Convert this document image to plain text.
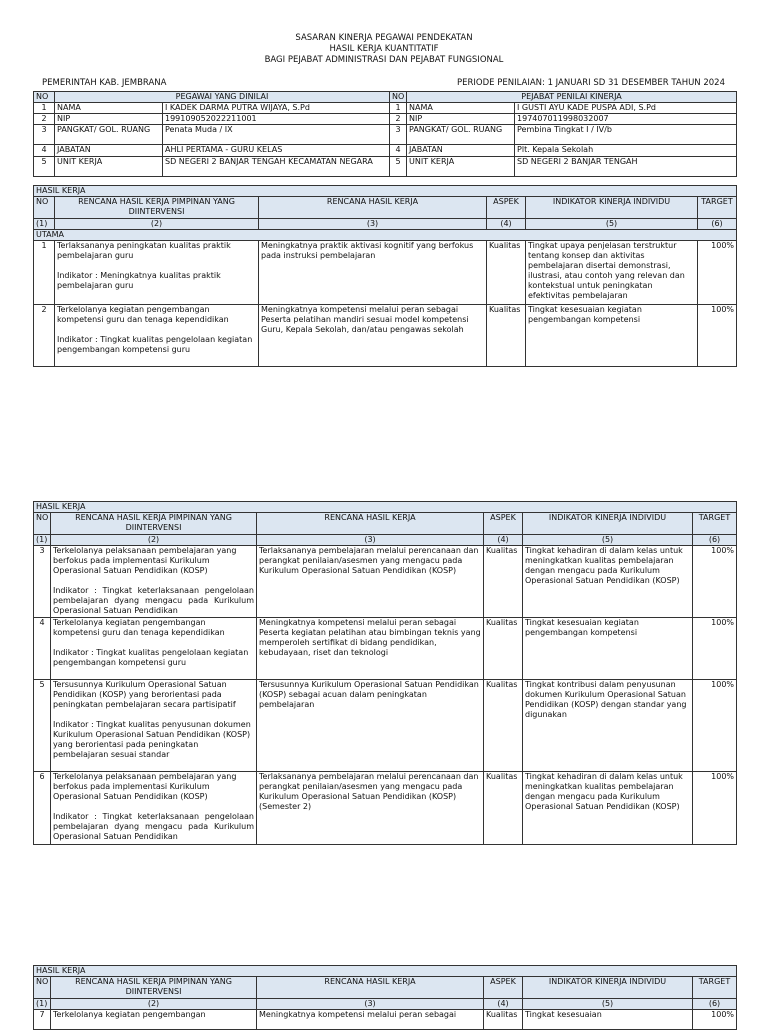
SASARAN KINERJA PEGAWAI PENDEKATAN
HASIL KERJA KUANTITATIF
BAGI PEJABAT ADMINISTRASI DAN PEJABAT FUNGSIONAL
PEMERINTAH KAB. JEMBRANA	PERIODE PENILAIAN: 1 JANUARI SD 31 DESEMBER TAHUN 2024
NO	PEGAWAI YANG DINILAI		NO	PEJABAT PENILAI KINERJA	
1	NAMA	I KADEK DARMA PUTRA WIJAYA, S.Pd	1	NAMA	I GUSTI AYU KADE PUSPA ADI, S.Pd
2	NIP	199109052022211001	2	NIP	197407011998032007
3	PANGKAT/ GOL. RUANG	Penata Muda / IX	3	PANGKAT/ GOL. RUANG	Pembina Tingkat I / IV/b
4	JABATAN	AHLI PERTAMA - GURU KELAS	4	JABATAN	Plt. Kepala Sekolah
5	UNIT KERJA	SD NEGERI 2 BANJAR TENGAH KECAMATAN NEGARA	5	UNIT KERJA	SD NEGERI 2 BANJAR TENGAH
HASIL KERJA					
NO	RENCANA HASIL KERJA PIMPINAN YANG DIINTERVENSI	RENCANA HASIL KERJA	ASPEK	INDIKATOR KINERJA INDIVIDU	TARGET
(1)	(2)	(3)	(4)	(5)	(6)
UTAMA					
1	Terlaksananya peningkatan kualitas praktik pembelajaran guru

Indikator : Meningkatnya kualitas praktik pembelajaran guru	Meningkatnya praktik aktivasi kognitif yang berfokus pada instruksi pembelajaran	Kualitas	Tingkat upaya penjelasan terstruktur tentang konsep dan aktivitas pembelajaran disertai demonstrasi, ilustrasi, atau contoh yang relevan dan kontekstual untuk peningkatan efektivitas pembelajaran	100%
2	Terkelolanya kegiatan pengembangan kompetensi guru dan tenaga kependidikan

Indikator : Tingkat kualitas pengelolaan kegiatan pengembangan kompetensi guru	Meningkatnya kompetensi melalui peran sebagai Peserta pelatihan mandiri sesuai model kompetensi Guru, Kepala Sekolah, dan/atau pengawas sekolah	Kualitas	Tingkat kesesuaian kegiatan pengembangan kompetensi	100%
HASIL KERJA					
NO	RENCANA HASIL KERJA PIMPINAN YANG DIINTERVENSI	RENCANA HASIL KERJA	ASPEK	INDIKATOR KINERJA INDIVIDU	TARGET
(1)	(2)	(3)	(4)	(5)	(6)
3	Terkelolanya pelaksanaan pembelajaran yang berfokus pada implementasi Kurikulum Operasional Satuan Pendidikan (KOSP)

Indikator : Tingkat keterlaksanaan pengelolaan pembelajaran dyang mengacu pada Kurikulum Operasional Satuan Pendidikan	Terlaksananya pembelajaran melalui perencanaan dan perangkat penilaian/asesmen yang mengacu pada Kurikulum Operasional Satuan Pendidikan (KOSP)	Kualitas	Tingkat kehadiran di dalam kelas untuk meningkatkan kualitas pembelajaran dengan mengacu pada Kurikulum Operasional Satuan Pendidikan (KOSP)	100%
4	Terkelolanya kegiatan pengembangan kompetensi guru dan tenaga kependidikan

Indikator : Tingkat kualitas pengelolaan kegiatan pengembangan kompetensi guru	Meningkatnya kompetensi melalui peran sebagai Peserta kegiatan pelatihan atau bimbingan teknis yang memperoleh sertifikat di bidang pendidikan, kebudayaan, riset dan teknologi	Kualitas	Tingkat kesesuaian kegiatan pengembangan kompetensi	100%
5	Tersusunnya Kurikulum Operasional Satuan Pendidikan (KOSP) yang berorientasi pada peningkatan pembelajaran secara partisipatif

Indikator : Tingkat kualitas penyusunan dokumen Kurikulum Operasional Satuan Pendidikan (KOSP) yang berorientasi pada peningkatan pembelajaran sesuai standar	Tersusunnya Kurikulum Operasional Satuan Pendidikan (KOSP) sebagai acuan dalam peningkatan pembelajaran	Kualitas	Tingkat kontribusi dalam penyusunan dokumen Kurikulum Operasional Satuan Pendidikan (KOSP) dengan standar yang digunakan	100%
6	Terkelolanya pelaksanaan pembelajaran yang berfokus pada implementasi Kurikulum Operasional Satuan Pendidikan (KOSP)

Indikator : Tingkat keterlaksanaan pengelolaan pembelajaran dyang mengacu pada Kurikulum Operasional Satuan Pendidikan	Terlaksananya pembelajaran melalui perencanaan dan perangkat penilaian/asesmen yang mengacu pada Kurikulum Operasional Satuan Pendidikan (KOSP) (Semester 2)	Kualitas	Tingkat kehadiran di dalam kelas untuk meningkatkan kualitas pembelajaran dengan mengacu pada Kurikulum Operasional Satuan Pendidikan (KOSP)	100%
HASIL KERJA					
NO	RENCANA HASIL KERJA PIMPINAN YANG DIINTERVENSI	RENCANA HASIL KERJA	ASPEK	INDIKATOR KINERJA INDIVIDU	TARGET
(1)	(2)	(3)	(4)	(5)	(6)
7	Terkelolanya kegiatan pengembangan	Meningkatnya kompetensi melalui peran sebagai	Kualitas	Tingkat kesesuaian	100%
